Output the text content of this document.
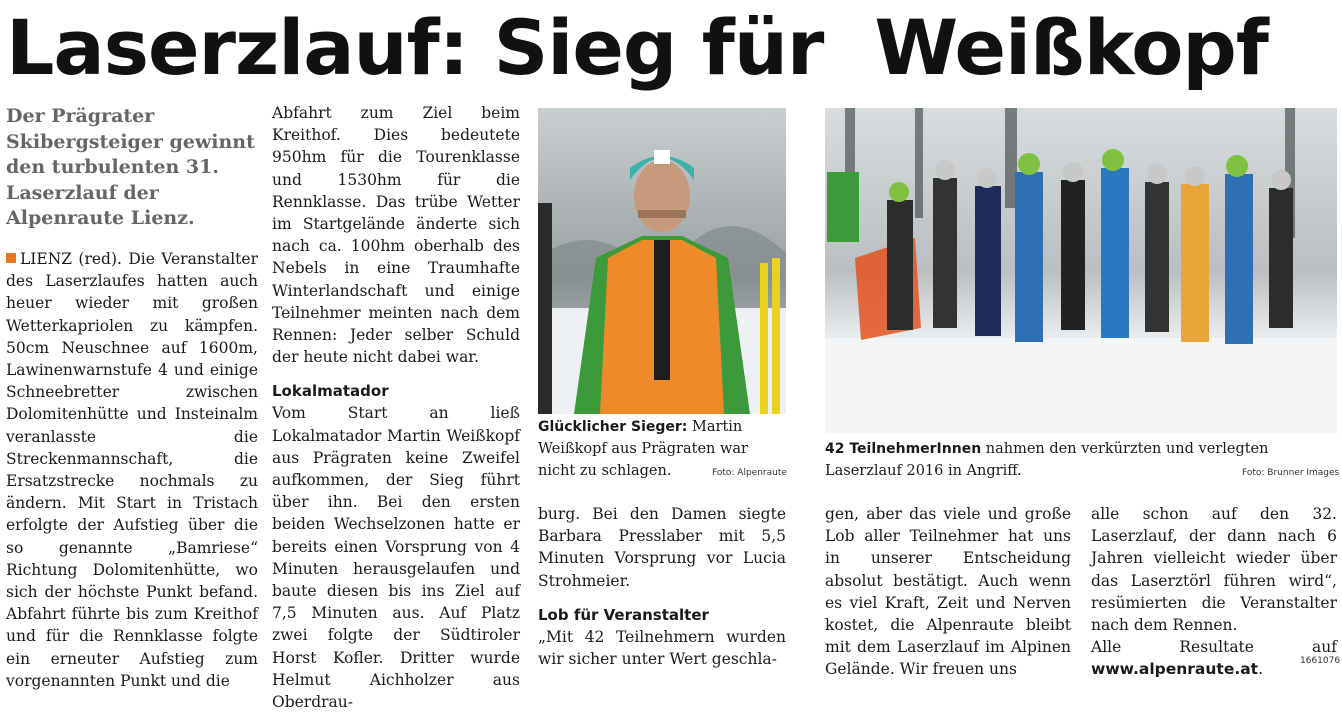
Laserzlauf: Sieg für  Weißkopf
Der Prägrater Skibergsteiger gewinnt den turbulenten 31. Laserzlauf der Alpenraute Lienz.

LIENZ (red). Die Veranstalter des Laserzlaufes hatten auch heuer wieder mit großen Wetterkapriolen zu kämpfen. 50cm Neuschnee auf 1600m, Lawinenwarnstufe 4 und einige Schneebretter zwischen Dolomitenhütte und Insteinalm veranlasste die Streckenmannschaft, die Ersatzstrecke nochmals zu ändern. Mit Start in Tristach erfolgte der Aufstieg über die so genannte „Bamriese“ Richtung Dolomitenhütte, wo sich der höchste Punkt befand. Abfahrt führte bis zum Kreithof und für die Rennklasse folgte ein erneuter Aufstieg zum vorgenannten Punkt und die

Abfahrt zum Ziel beim Kreithof. Dies bedeutete 950hm für die Tourenklasse und 1530hm für die Rennklasse. Das trübe Wetter im Startgelände änderte sich nach ca. 100hm oberhalb des Nebels in eine Traumhafte Winterlandschaft und einige Teilnehmer meinten nach dem Rennen: Jeder selber Schuld der heute nicht dabei war.

Lokalmatador

Vom Start an ließ Lokalmatador Martin Weißkopf aus Prägraten keine Zweifel aufkommen, der Sieg führt über ihn. Bei den ersten beiden Wechselzonen hatte er bereits einen Vorsprung von 4 Minuten herausgelaufen und baute diesen bis ins Ziel auf 7,5 Minuten aus. Auf Platz zwei folgte der Südtiroler Horst Kofler. Dritter wurde Helmut Aichholzer aus Oberdrau-

Glücklicher Sieger: Martin Weißkopf aus Prägraten war nicht zu schlagen.	Foto: Alpenraute

burg. Bei den Damen siegte Barbara Presslaber mit 5,5 Minuten Vorsprung vor Lucia Strohmeier.

Lob für Veranstalter

„Mit 42 Teilnehmern wurden wir sicher unter Wert geschla-

42 TeilnehmerInnen nahmen den verkürzten und verlegten Laserzlauf 2016 in Angriff.	Foto: Brunner Images

gen, aber das viele und große Lob aller Teilnehmer hat uns in unserer Entscheidung absolut bestätigt. Auch wenn es viel Kraft, Zeit und Nerven kostet, die Alpenraute bleibt mit dem Laserzlauf im Alpinen Gelände. Wir freuen uns

alle schon auf den 32. Laserzlauf, der dann nach 6 Jahren vielleicht wieder über das Laserztörl führen wird“, resümierten die Veranstalter nach dem Rennen.

Alle Resultate auf www.alpenraute.at.	1661076
